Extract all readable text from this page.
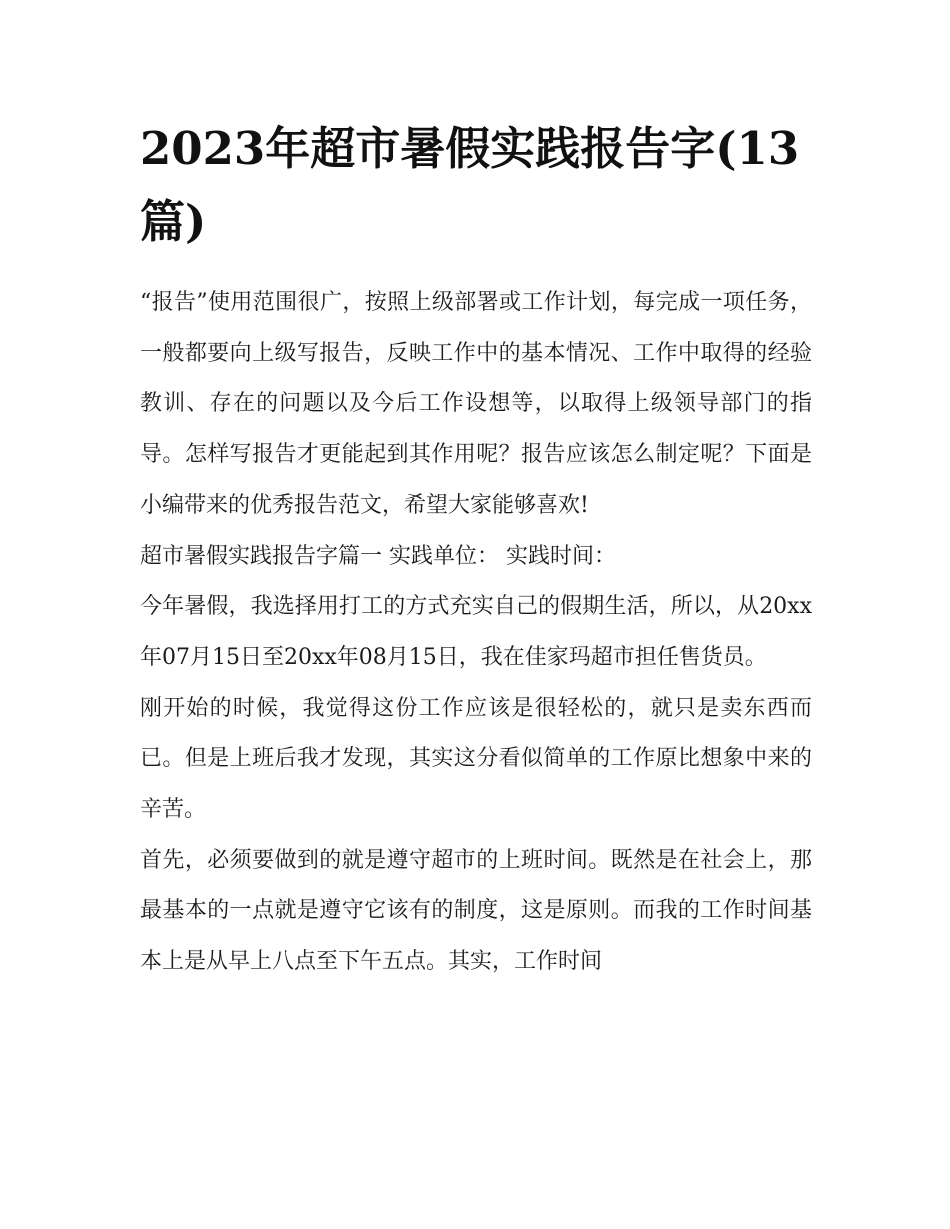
2023年超市暑假实践报告字(13篇)

“报告”使用范围很广，按照上级部署或工作计划，每完成一项任务，一般都要向上级写报告，反映工作中的基本情况、工作中取得的经验教训、存在的问题以及今后工作设想等，以取得上级领导部门的指导。怎样写报告才更能起到其作用呢？报告应该怎么制定呢？下面是小编带来的优秀报告范文，希望大家能够喜欢!

超市暑假实践报告字篇一 实践单位： 实践时间：

今年暑假，我选择用打工的方式充实自己的假期生活，所以，从20xx年07月15日至20xx年08月15日，我在佳家玛超市担任售货员。

刚开始的时候，我觉得这份工作应该是很轻松的，就只是卖东西而已。但是上班后我才发现，其实这分看似简单的工作原比想象中来的辛苦。

首先，必须要做到的就是遵守超市的上班时间。既然是在社会上，那最基本的一点就是遵守它该有的制度，这是原则。而我的工作时间基本上是从早上八点至下午五点。其实，工作时间
